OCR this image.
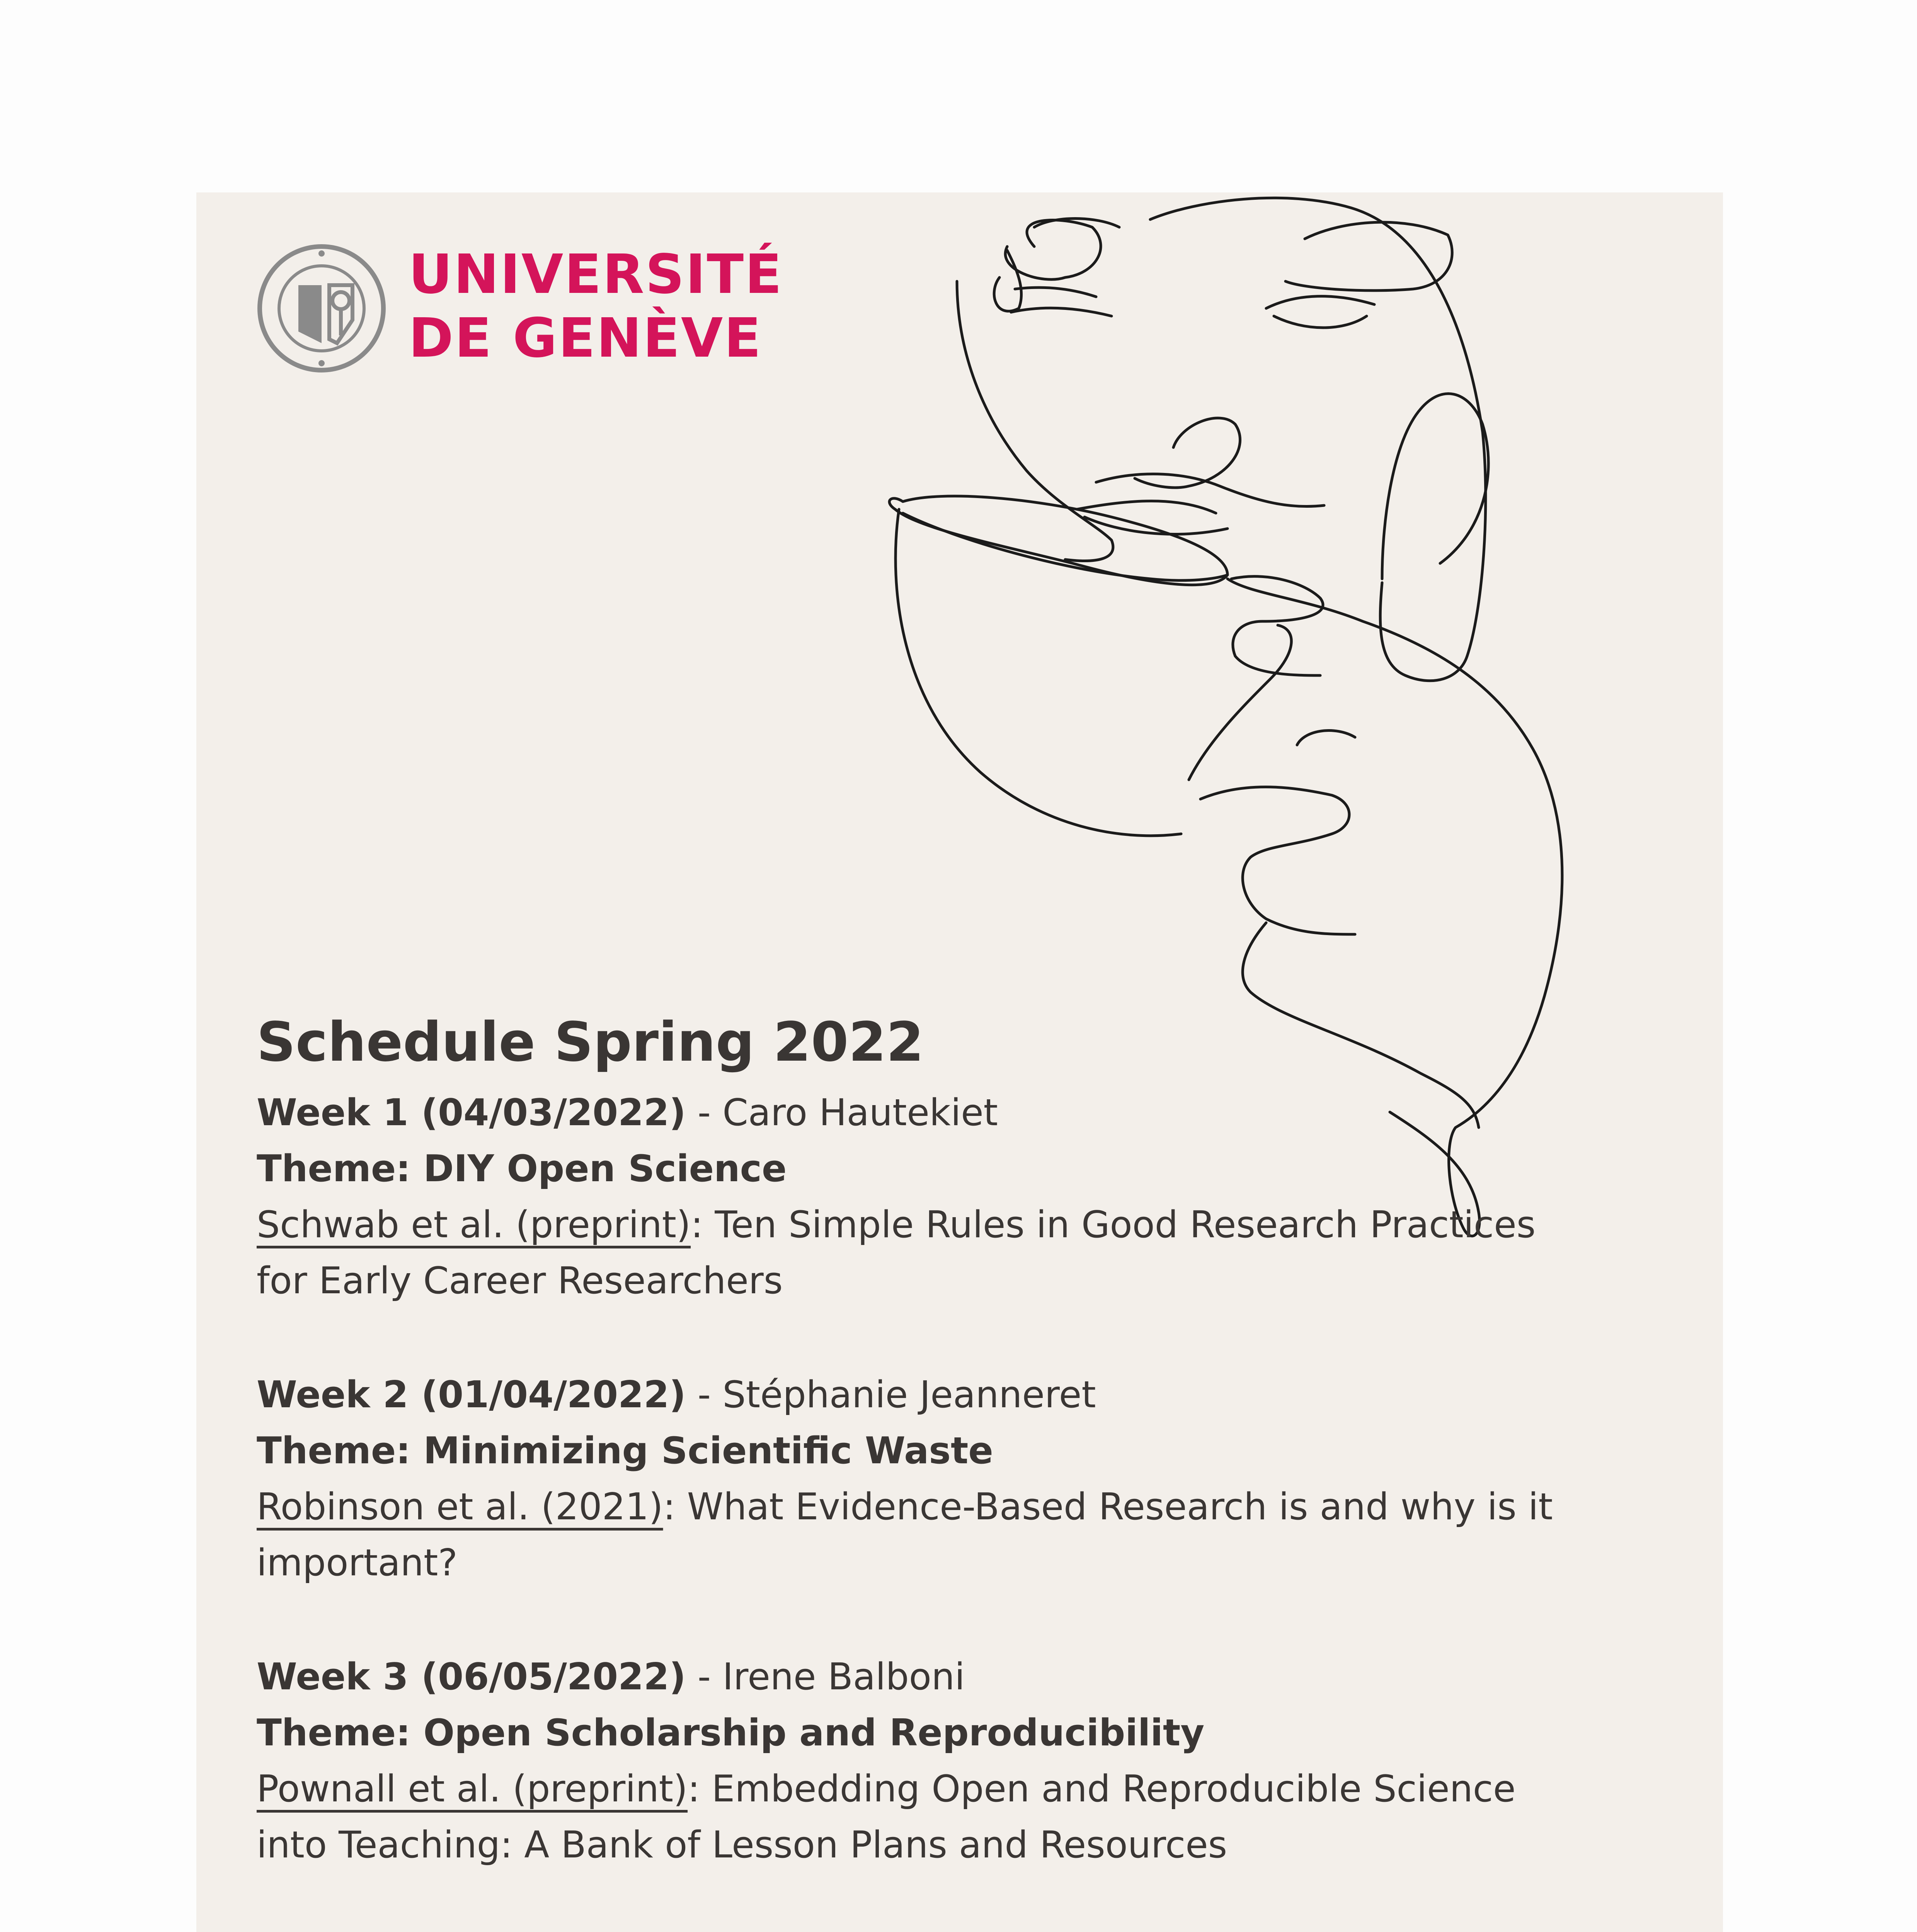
UNIVERSITÉ
DE GENÈVE
Schedule Spring 2022
Week 1 (04/03/2022) - Caro Hautekiet
Theme: DIY Open Science
Schwab et al. (preprint): Ten Simple Rules in Good Research Practices
for Early Career Researchers
Week 2 (01/04/2022) - Stéphanie Jeanneret
Theme: Minimizing Scientific Waste
Robinson et al. (2021): What Evidence-Based Research is and why is it
important?
Week 3 (06/05/2022) - Irene Balboni
Theme: Open Scholarship and Reproducibility
Pownall et al. (preprint): Embedding Open and Reproducible Science
into Teaching: A Bank of Lesson Plans and Resources
